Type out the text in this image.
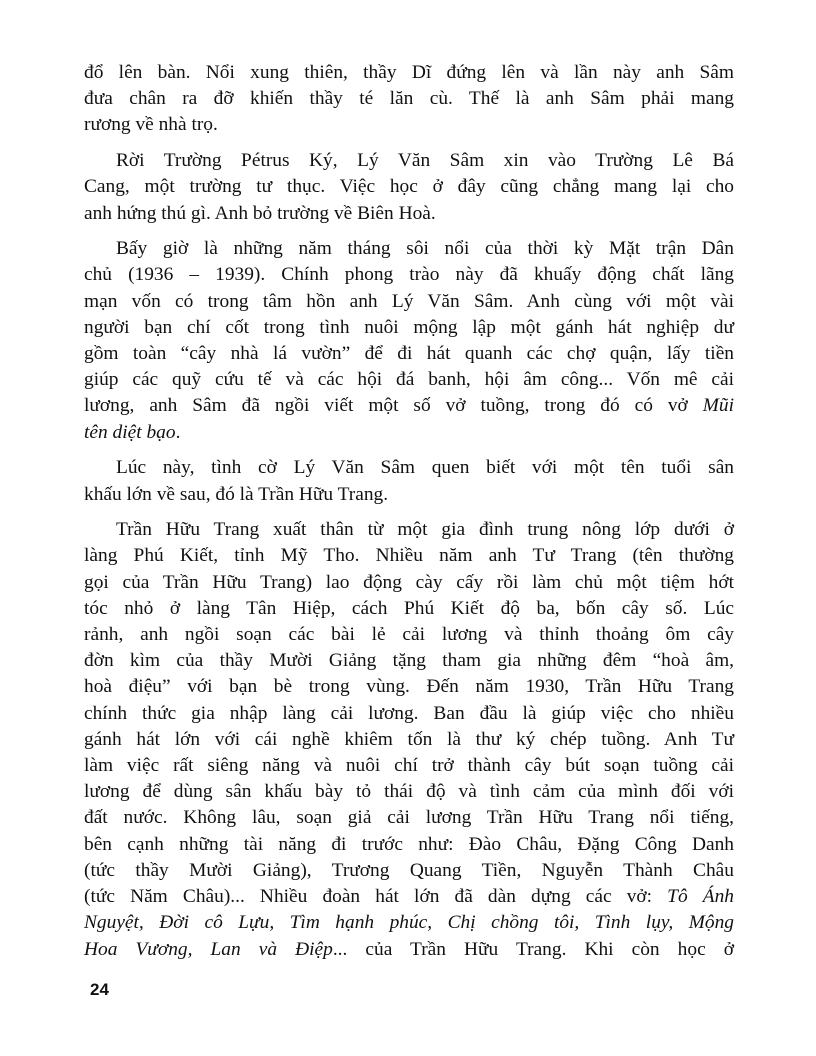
đổ lên bàn. Nổi xung thiên, thầy Dĩ đứng lên và lần này anh Sâm
đưa chân ra đỡ khiến thầy té lăn cù. Thế là anh Sâm phải mang
rương về nhà trọ.

Rời Trường Pétrus Ký, Lý Văn Sâm xin vào Trường Lê Bá
Cang, một trường tư thục. Việc học ở đây cũng chẳng mang lại cho
anh hứng thú gì. Anh bỏ trường về Biên Hoà.

Bấy giờ là những năm tháng sôi nổi của thời kỳ Mặt trận Dân
chủ (1936 – 1939). Chính phong trào này đã khuấy động chất lãng
mạn vốn có trong tâm hồn anh Lý Văn Sâm. Anh cùng với một vài
người bạn chí cốt trong tình nuôi mộng lập một gánh hát nghiệp dư
gồm toàn “cây nhà lá vườn” để đi hát quanh các chợ quận, lấy tiền
giúp các quỹ cứu tế và các hội đá banh, hội âm công... Vốn mê cải
lương, anh Sâm đã ngồi viết một số vở tuồng, trong đó có vở Mũi
tên diệt bạo.

Lúc này, tình cờ Lý Văn Sâm quen biết với một tên tuổi sân
khấu lớn về sau, đó là Trần Hữu Trang.

Trần Hữu Trang xuất thân từ một gia đình trung nông lớp dưới ở
làng Phú Kiết, tỉnh Mỹ Tho. Nhiều năm anh Tư Trang (tên thường
gọi của Trần Hữu Trang) lao động cày cấy rồi làm chủ một tiệm hớt
tóc nhỏ ở làng Tân Hiệp, cách Phú Kiết độ ba, bốn cây số. Lúc
rảnh, anh ngồi soạn các bài lẻ cải lương và thỉnh thoảng ôm cây
đờn kìm của thầy Mười Giảng tặng tham gia những đêm “hoà âm,
hoà điệu” với bạn bè trong vùng. Đến năm 1930, Trần Hữu Trang
chính thức gia nhập làng cải lương. Ban đầu là giúp việc cho nhiều
gánh hát lớn với cái nghề khiêm tốn là thư ký chép tuồng. Anh Tư
làm việc rất siêng năng và nuôi chí trở thành cây bút soạn tuồng cải
lương để dùng sân khấu bày tỏ thái độ và tình cảm của mình đối với
đất nước. Không lâu, soạn giả cải lương Trần Hữu Trang nổi tiếng,
bên cạnh những tài năng đi trước như: Đào Châu, Đặng Công Danh
(tức thầy Mười Giảng), Trương Quang Tiền, Nguyễn Thành Châu
(tức Năm Châu)... Nhiều đoàn hát lớn đã dàn dựng các vở: Tô Ánh
Nguyệt, Đời cô Lựu, Tìm hạnh phúc, Chị chồng tôi, Tình lụy, Mộng
Hoa Vương, Lan và Điệp... của Trần Hữu Trang. Khi còn học ở

24
